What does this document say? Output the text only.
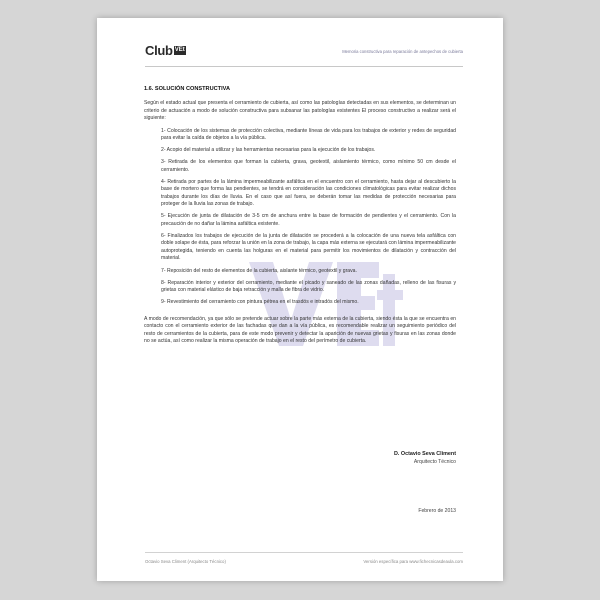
Club VEt	Memoria constructiva para reparación de antepechos de cubierta
1.6. SOLUCIÓN CONSTRUCTIVA

Según el estado actual que presenta el cerramiento de cubierta, así como las patologías detectadas en sus elementos, se determinan un criterio de actuación a modo de solución constructiva para subsanar las patologías existentes El proceso constructivo a realizar será el siguiente:

1- Colocación de los sistemas de protección colectiva, mediante líneas de vida para los trabajos de exterior y redes de seguridad para evitar la caída de objetos a la vía pública.

2- Acopio del material a utilizar y las herramientas necesarias para la ejecución de los trabajos.

3- Retirada de los elementos que forman la cubierta, grava, geotextil, aislamiento térmico, como mínimo 50 cm desde el cerramiento.

4- Retirada por partes de la lámina impermeabilizante asfáltica en el encuentro con el cerramiento, hasta dejar al descubierto la base de mortero que forma las pendientes, se tendrá en consideración las condiciones climatológicas para evitar realizar dichos trabajos durante los días de lluvia. En el caso que así fuera, se deberán tomar las medidas de protección necesarias para proteger de la lluvia las zonas de trabajo.

5- Ejecución de junta de dilatación de 3-5 cm de anchura entre la base de formación de pendientes y el cerramiento. Con la precaución de no dañar la lámina asfáltica existente.

6- Finalizados los trabajos de ejecución de la junta de dilatación se procederá a la colocación de una nueva tela asfáltica con doble solape de ésta, para reforzar la unión en la zona de trabajo, la capa más externa se ejecutará con lámina impermeabilizante autoprotegida, teniendo en cuenta las holguras en el material para permitir los movimientos de dilatación y contracción del material.

7- Reposición del resto de elementos de la cubierta, aislante térmico, geotextil y grava.

8- Reparación interior y exterior del cerramiento, mediante el picado y saneado de las zonas dañadas, relleno de las fisuras y grietas con material elástico de baja retracción y malla de fibra de vidrio.

9- Revestimiento del cerramiento con pintura pétrea en el trasdós e intradós del mismo.

A modo de recomendación, ya que sólo se pretende actuar sobre la parte más externa de la cubierta, siendo ésta la que se encuentra en contacto con el cerramiento exterior de las fachadas que dan a la vía pública, es recomendable realizar un seguimiento periódico del resto de cerramientos de la cubierta, para de este modo prevenir y detectar la aparición de nuevas grietas y fisuras en las zonas donde no se actúa, así como realizar la misma operación de trabajo en el resto del perímetro de cubierta.

D. Octavio Seva Climent
Arquitecto Técnico
Febrero de 2013
Octavio Seva Climent (Arquitecto Técnico)	Versión específica para www.fichecnicasdeaula.com
